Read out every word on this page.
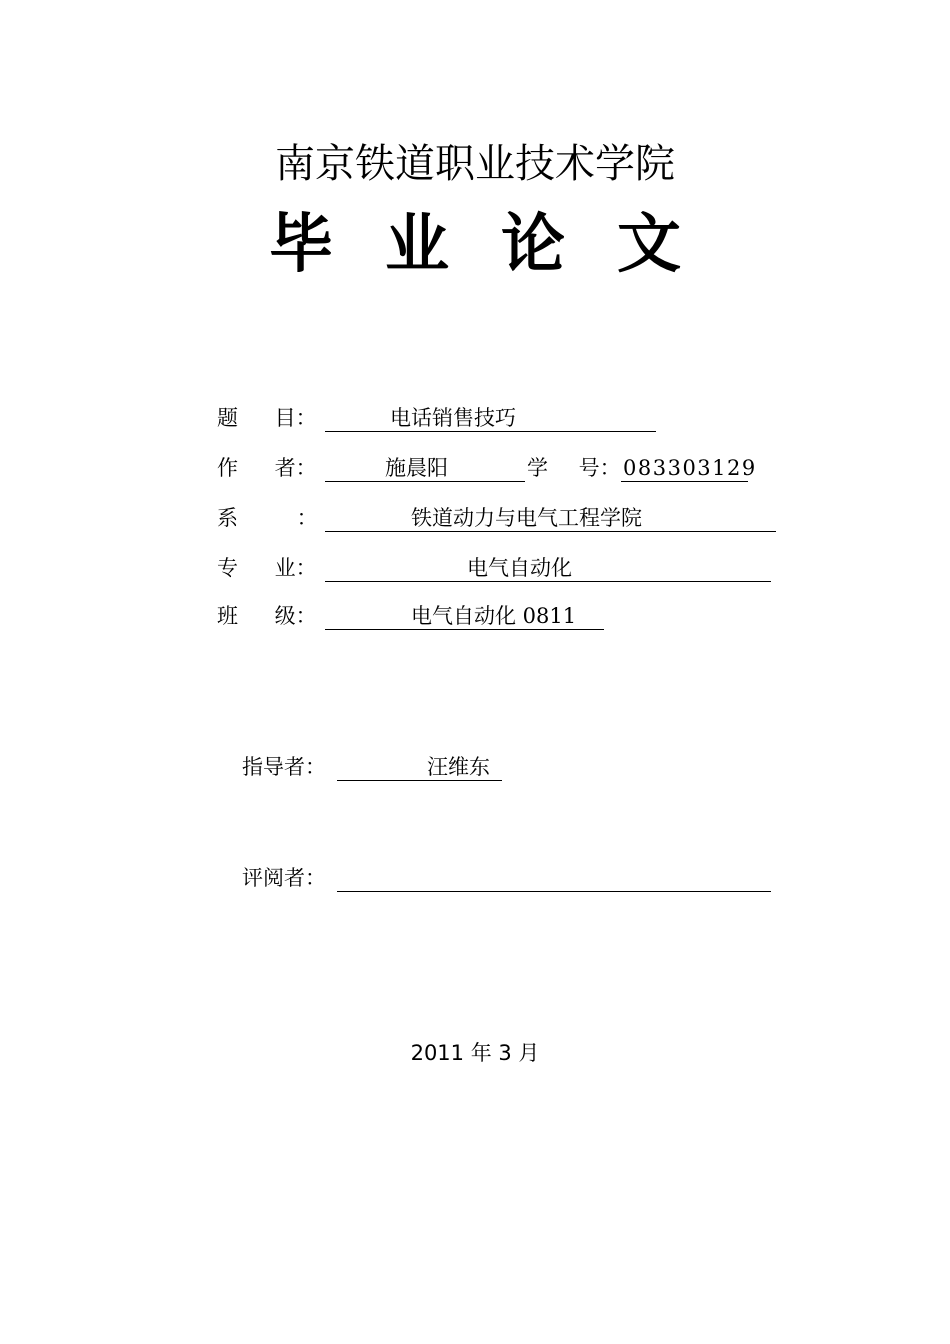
南京铁道职业技术学院
毕 业 论 文
题 目：	电话销售技巧
作 者：	施晨阳	学 号： 083303129
系 ：	铁道动力与电气工程学院
专 业：	电气自动化
班 级：	电气自动化 0811
指导者：	汪维东
评阅者：
2011 年 3 月
